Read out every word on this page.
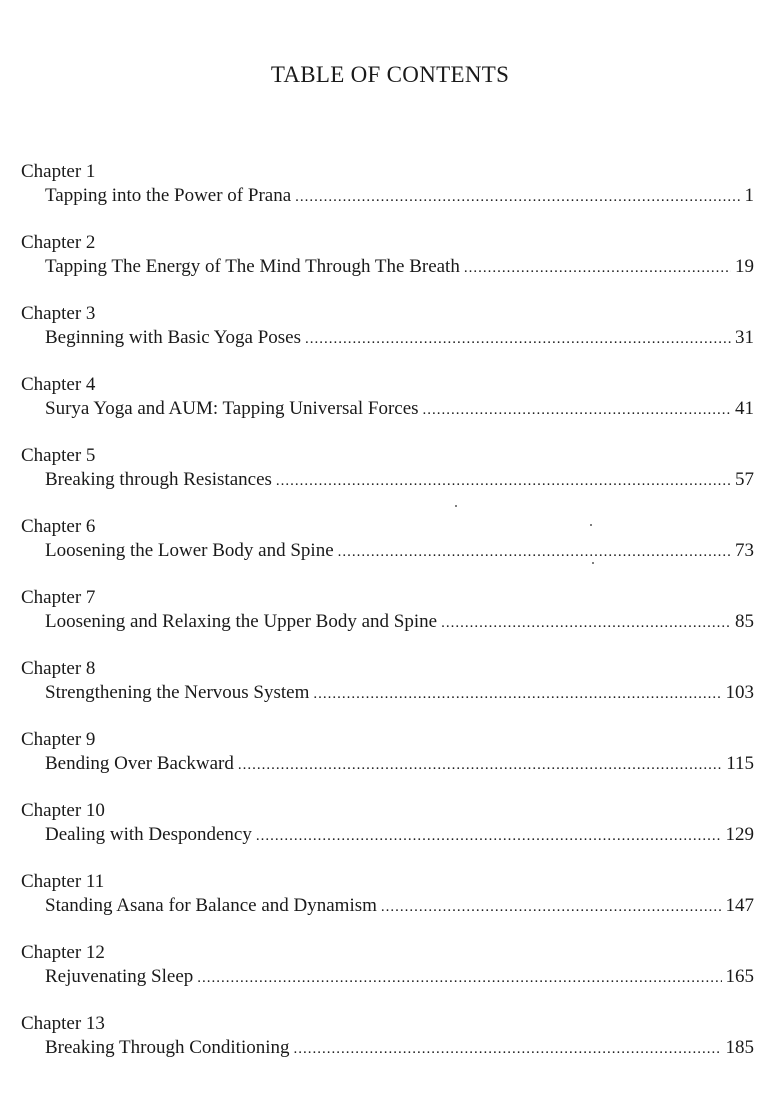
TABLE OF CONTENTS
Chapter 1
Tapping into the Power of Prana .....	1
Chapter 2
Tapping The Energy of The Mind Through The Breath .....	19
Chapter 3
Beginning with Basic Yoga Poses .....	31
Chapter 4
Surya Yoga and AUM: Tapping Universal Forces .....	41
Chapter 5
Breaking through Resistances .....	57
Chapter 6
Loosening the Lower Body and Spine .....	73
Chapter 7
Loosening and Relaxing the Upper Body and Spine .....	85
Chapter 8
Strengthening the Nervous System .....	103
Chapter 9
Bending Over Backward .....	115
Chapter 10
Dealing with Despondency .....	129
Chapter 11
Standing Asana for Balance and Dynamism .....	147
Chapter 12
Rejuvenating Sleep .....	165
Chapter 13
Breaking Through Conditioning .....	185
